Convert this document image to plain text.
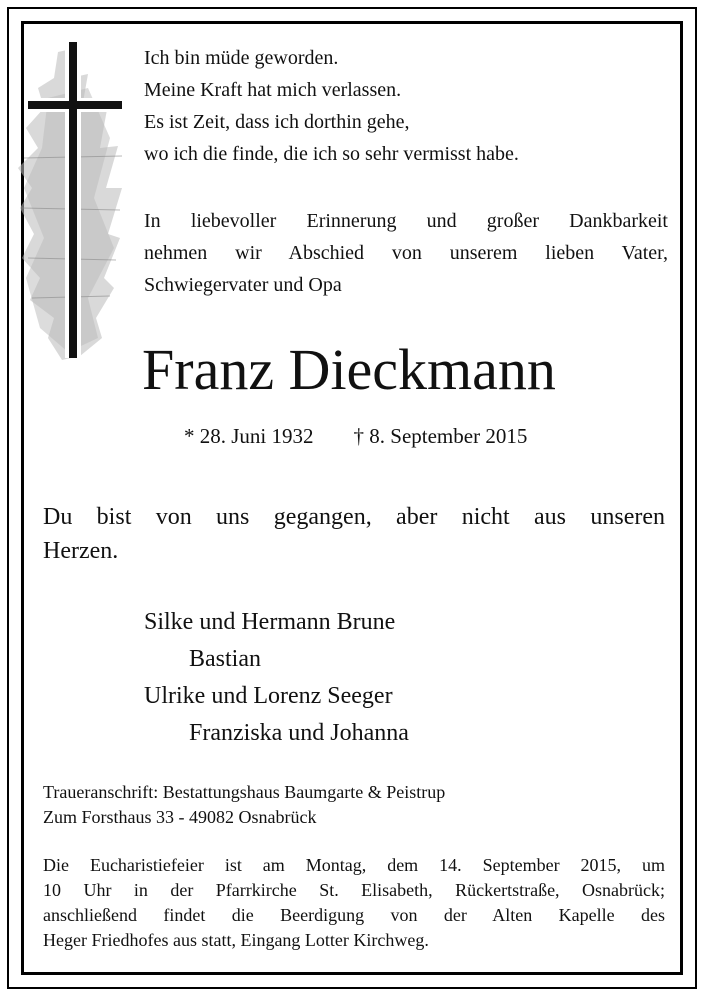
Ich bin müde geworden.
Meine Kraft hat mich verlassen.
Es ist Zeit, dass ich dorthin gehe,
wo ich die finde, die ich so sehr vermisst habe.
In liebevoller Erinnerung und großer Dankbarkeit
nehmen wir Abschied von unserem lieben Vater,
Schwiegervater und Opa
Franz Dieckmann
* 28. Juni 1932 † 8. September 2015
Du bist von uns gegangen, aber nicht aus unseren
Herzen.
Silke und Hermann Brune
Bastian
Ulrike und Lorenz Seeger
Franziska und Johanna
Traueranschrift: Bestattungshaus Baumgarte & Peistrup
Zum Forsthaus 33 - 49082 Osnabrück
Die Eucharistiefeier ist am Montag, dem 14. September 2015, um
10 Uhr in der Pfarrkirche St. Elisabeth, Rückertstraße, Osnabrück;
anschließend findet die Beerdigung von der Alten Kapelle des
Heger Friedhofes aus statt, Eingang Lotter Kirchweg.
